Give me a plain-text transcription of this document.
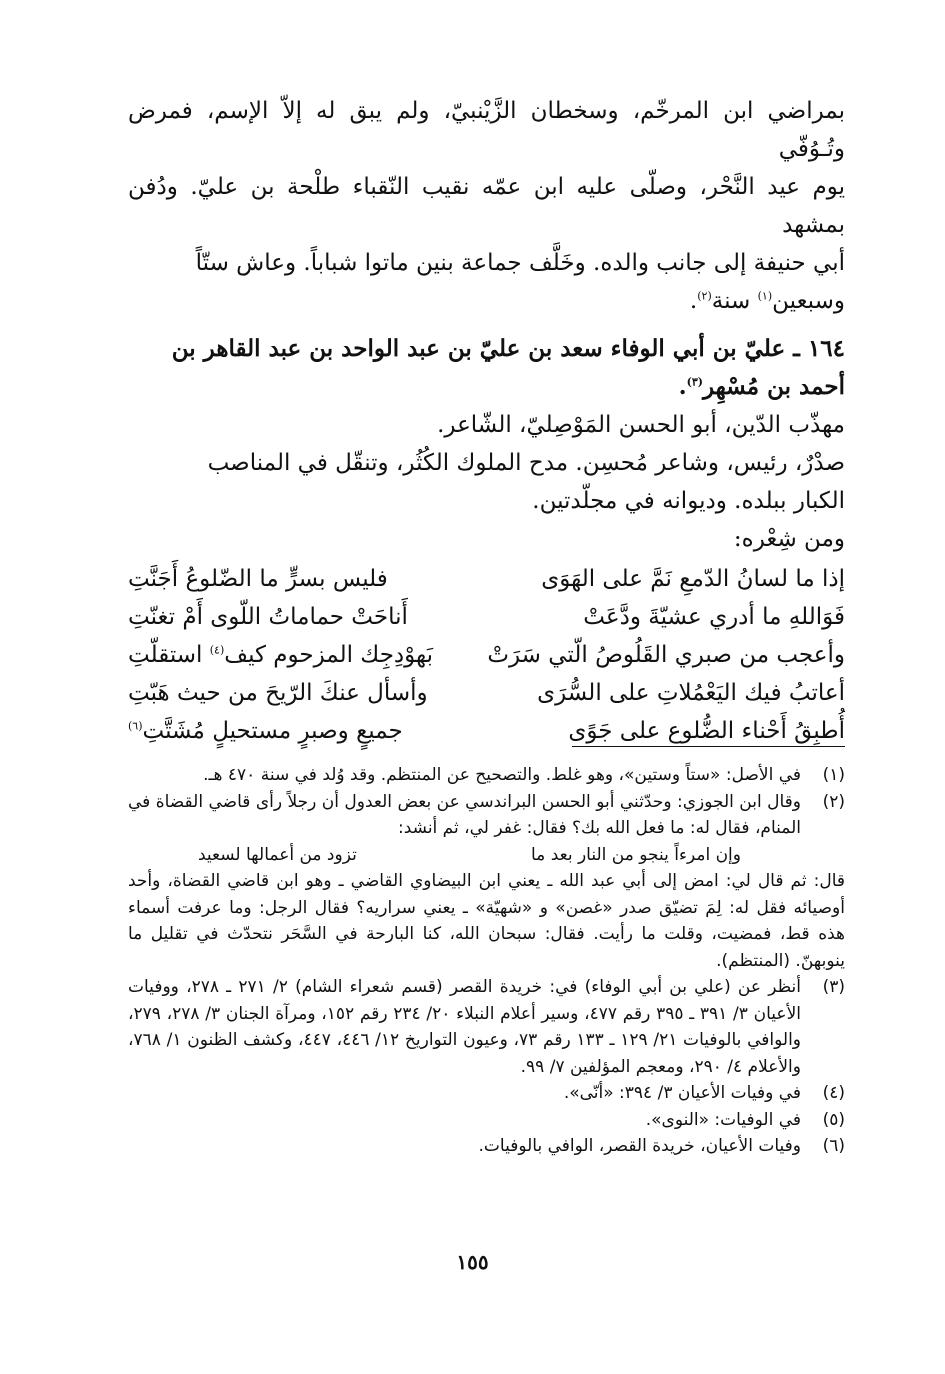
بمراضي ابن المرخّم، وسخطان الزَّيْنبيّ، ولم يبق له إلاّ الإسم، فمرض وتُـوُفّي

يوم عيد النَّحْر، وصلّى عليه ابن عمّه نقيب النّقباء طلْحة بن عليّ. ودُفن بمشهد

أبي حنيفة إلى جانب والده. وخَلَّف جماعة بنين ماتوا شباباً. وعاش ستّاً

وسبعين$^{(١)}$ سنة$^{(٢)}$.

١٦٤ ـ عليّ بن أبي الوفاء سعد بن عليّ بن عبد الواحد بن عبد القاهر بن

أحمد بن مُسْهِر$^{(٣)}$.

مهذّب الدّين، أبو الحسن المَوْصِليّ، الشّاعر.

صدْرٌ، رئيس، وشاعر مُحسِن. مدح الملوك الكُثُر، وتنقّل في المناصب

الكبار ببلده. وديوانه في مجلّدتين.

ومن شِعْره:

إذا ما لسانُ الدّمعِ نَمَّ على الهَوَى
فليس بسرٍّ ما الضّلوعُ أَجَنَّتِ
فَوَاللهِ ما أدري عشيّةَ ودَّعَتْ
أَناحَتْ حماماتُ اللّوى أَمْ تغنّتِ
وأعجب من صبري القَلُوصُ الّتي سَرَتْ
بَهوْدِجِك المزحوم كيف$^{(٤)}$ استقلّتِ
أعاتبُ فيك اليَعْمُلاتِ على السُّرَى
وأسأل عنكَ الرّيحَ من حيث هَبّتِ
أُطبِقُ أَحْناء الضُّلوع على جَوًى
جميعٍ وصبرٍ مستحيلٍ مُشَتَّتِ$^{(٦)}$
(١)
في الأصل: «ستاً وستين»، وهو غلط. والتصحيح عن المنتظم. وقد وُلد في سنة ٤٧٠ هـ.
(٢)
وقال ابن الجوزي: وحدّثني أبو الحسن البراندسي عن بعض العدول أن رجلاً رأى قاضي القضاة في المنام، فقال له: ما فعل الله بك؟ فقال: غفر لي، ثم أنشد:
وإن امرءاً ينجو من النار بعد ما
تزود من أعمالها لسعيد
قال: ثم قال لي: امض إلى أبي عبد الله ـ يعني ابن البيضاوي القاضي ـ وهو ابن قاضي القضاة، وأحد أوصيائه فقل له: لِمَ تضيّق صدر «غصن» و «شهيّة» ـ يعني سراريه؟ فقال الرجل: وما عرفت أسماء هذه قط، فمضيت، وقلت ما رأيت. فقال: سبحان الله، كنا البارحة في السَّحَر نتحدّث في تقليل ما ينوبهنّ. (المنتظم).
(٣)
أنظر عن (علي بن أبي الوفاء) في: خريدة القصر (قسم شعراء الشام) ٢/ ٢٧١ ـ ٢٧٨، ووفيات الأعيان ٣/ ٣٩١ ـ ٣٩٥ رقم ٤٧٧، وسير أعلام النبلاء ٢٠/ ٢٣٤ رقم ١٥٢، ومرآة الجنان ٣/ ٢٧٨، ٢٧٩، والوافي بالوفيات ٢١/ ١٢٩ ـ ١٣٣ رقم ٧٣، وعيون التواريخ ١٢/ ٤٤٦، ٤٤٧، وكشف الظنون ١/ ٧٦٨، والأعلام ٤/ ٢٩٠، ومعجم المؤلفين ٧/ ٩٩.
(٤)
في وفيات الأعيان ٣/ ٣٩٤: «أنّى».
(٥)
في الوفيات: «النوى».
(٦)
وفيات الأعيان، خريدة القصر، الوافي بالوفيات.
١٥٥
